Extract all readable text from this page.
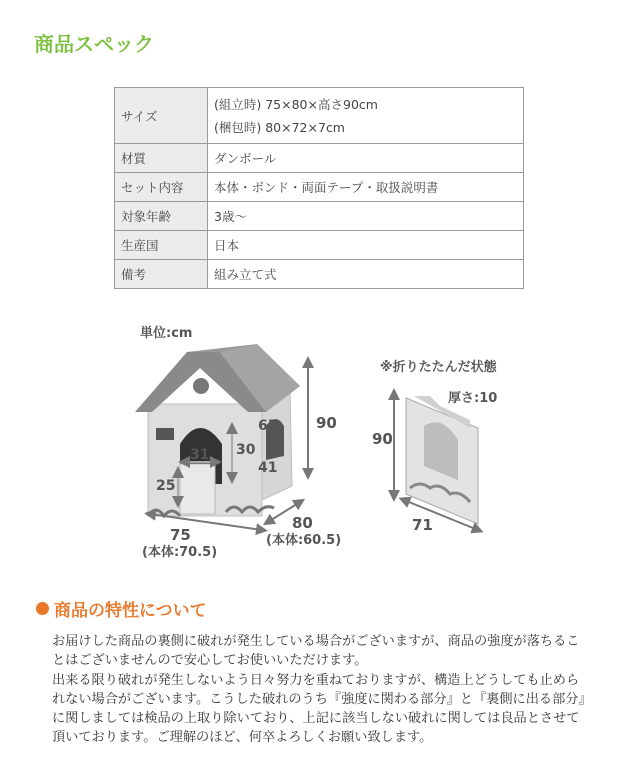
商品スペック
サイズ	(組立時) 75×80×高さ90cm
(梱包時) 80×72×7cm

材質	ダンボール
セット内容	本体・ボンド・両面テープ・取扱説明書
対象年齢	3歳～
生産国	日本
備考	組み立て式
単位:cm
90
30
31
25
65
41
75
(本体:70.5)
80
(本体:60.5)
※折りたたんだ状態
厚さ:10
90
71
商品の特性について

お届けした商品の裏側に破れが発生している場合がございますが、商品の強度が落ちることはございませんので安心してお使いいただけます。

出来る限り破れが発生しないよう日々努力を重ねておりますが、構造上どうしても止められない場合がございます。こうした破れのうち『強度に関わる部分』と『裏側に出る部分』に関しましては検品の上取り除いており、上記に該当しない破れに関しては良品とさせて頂いております。ご理解のほど、何卒よろしくお願い致します。
